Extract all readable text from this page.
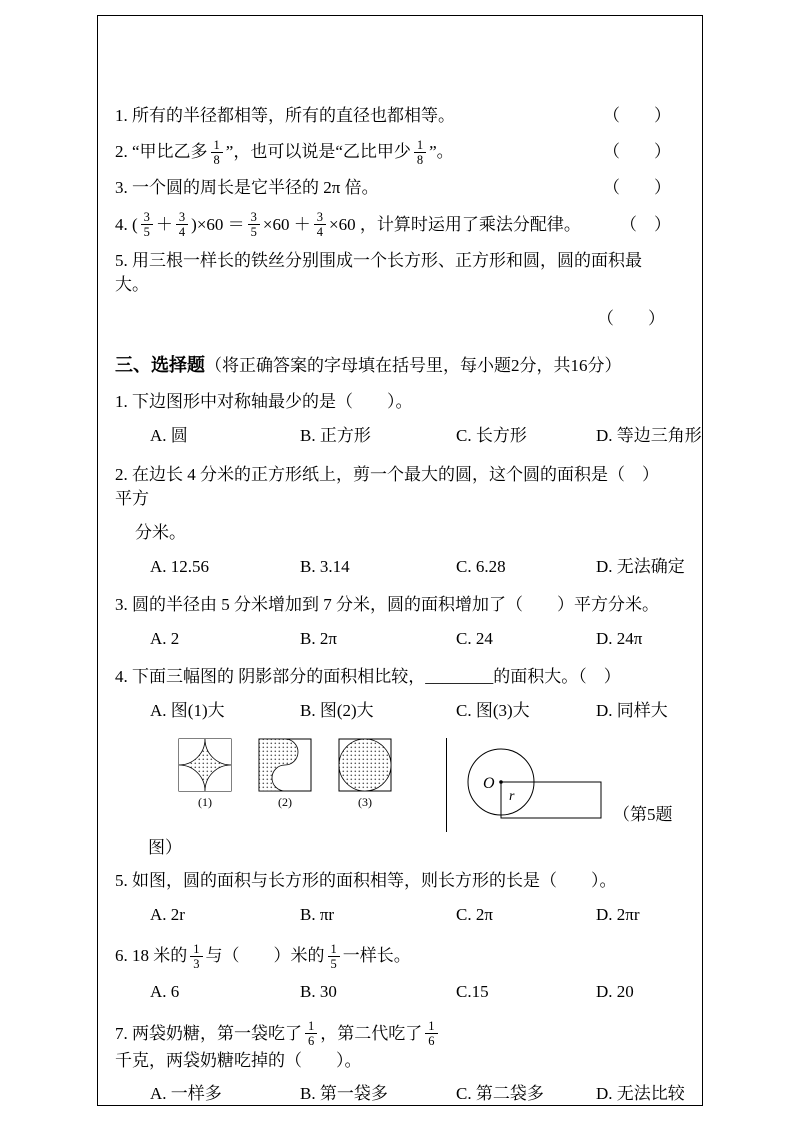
1. 所有的半径都相等，所有的直径也都相等。	（　　）
2. “甲比乙多 $\frac{1}{8}$ ”，也可以说是“乙比甲少 $\frac{1}{8}$ ”。	（　　）
3. 一个圆的周长是它半径的 2π 倍。	（　　）
4. ( $\frac{3}{5} + \frac{3}{4} )\times 60 = \frac{3}{5} \times 60 + \frac{3}{4} \times 60$ ，计算时运用了乘法分配律。 （　）
5. 用三根一样长的铁丝分别围成一个长方形、正方形和圆，圆的面积最大。
（　　）
三、选择题（将正确答案的字母填在括号里，每小题2分，共16分）
1. 下边图形中对称轴最少的是（　　）。
A. 圆	B. 正方形	C. 长方形	D. 等边三角形
2. 在边长 4 分米的正方形纸上，剪一个最大的圆，这个圆的面积是（　）平方
分米。
A. 12.56	B. 3.14	C. 6.28	D. 无法确定
3. 圆的半径由 5 分米增加到 7 分米，圆的面积增加了（　　）平方分米。
A. 2	B. 2π	C. 24	D. 24π
4. 下面三幅图的 阴影部分的面积相比较，________的面积大。（　）
A. 图(1)大	B. 图(2)大	C. 图(3)大	D. 同样大
(1)	(2)	(3)
O
r
（第5题
图）
5. 如图，圆的面积与长方形的面积相等，则长方形的长是（　　）。
A. 2r	B. πr	C. 2π	D. 2πr
6. 18 米的 $\frac{1}{3}$ 与（　　）米的 $\frac{1}{5}$ 一样长。
A. 6	B. 30	C.15	D. 20
7. 两袋奶糖，第一袋吃了 $\frac{1}{6}$ ，第二代吃了 $\frac{1}{6}$
千克，两袋奶糖吃掉的（　　）。
A. 一样多	B. 第一袋多	C. 第二袋多	D. 无法比较
